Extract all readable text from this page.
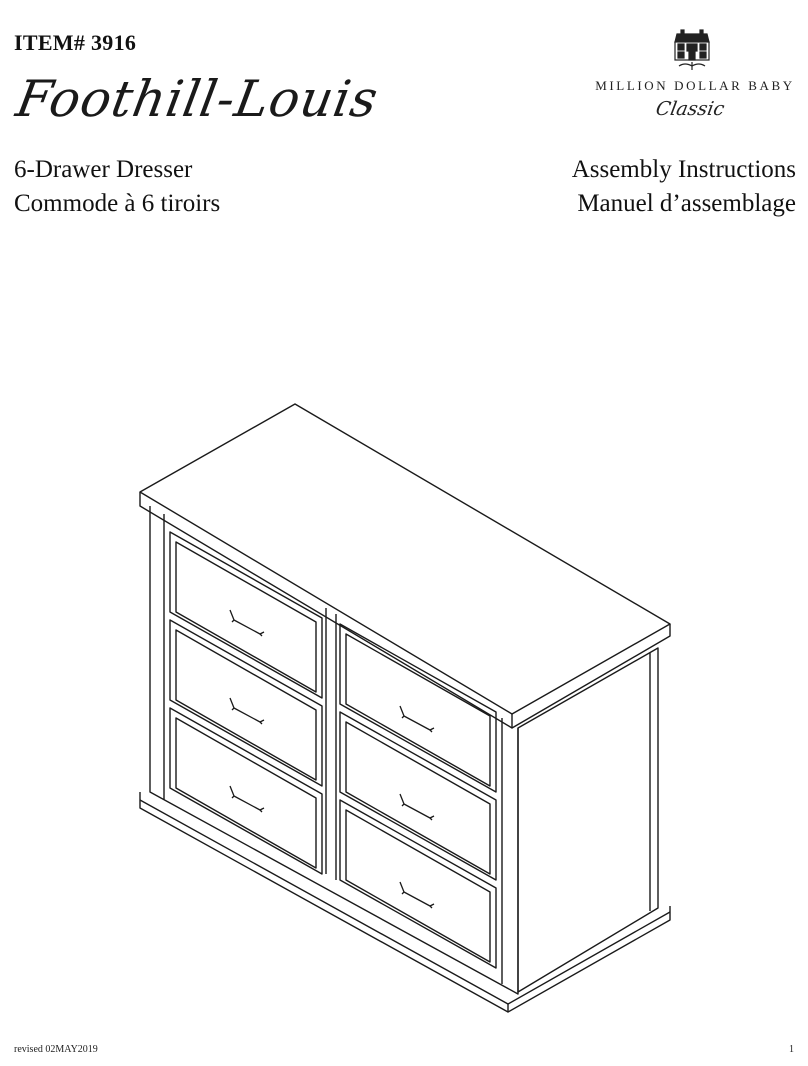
ITEM# 3916
Foothill-Louis
6-Drawer Dresser
Commode à 6 tiroirs
Assembly Instructions
Manuel d’assemblage
MILLION DOLLAR BABY
Classic
revised 02MAY2019	1
